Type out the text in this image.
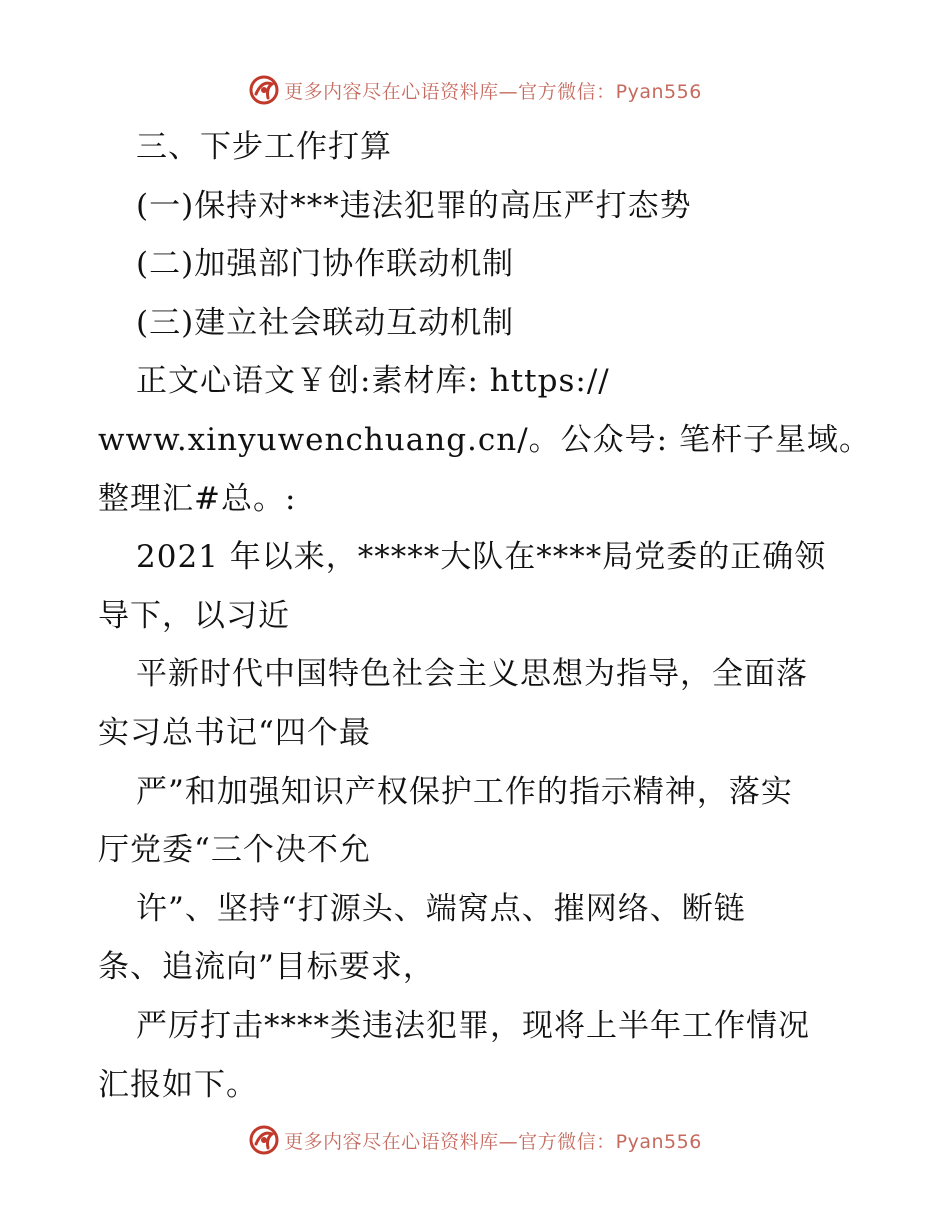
更多内容尽在心语资料库—官方微信：Pyan556
三、下步工作打算
(一)保持对***违法犯罪的高压严打态势
(二)加强部门协作联动机制
(三)建立社会联动互动机制
正文心语文￥创:素材库: https://
www.xinyuwenchuang.cn/。公众号: 笔杆子星域。
整理汇#总。:
2021 年以来，*****大队在****局党委的正确领
导下，以习近
平新时代中国特色社会主义思想为指导，全面落
实习总书记“四个最
严”和加强知识产权保护工作的指示精神，落实
厅党委“三个决不允
许”、坚持“打源头、端窝点、摧网络、断链
条、追流向”目标要求，
严厉打击****类违法犯罪，现将上半年工作情况
汇报如下。
更多内容尽在心语资料库—官方微信：Pyan556
